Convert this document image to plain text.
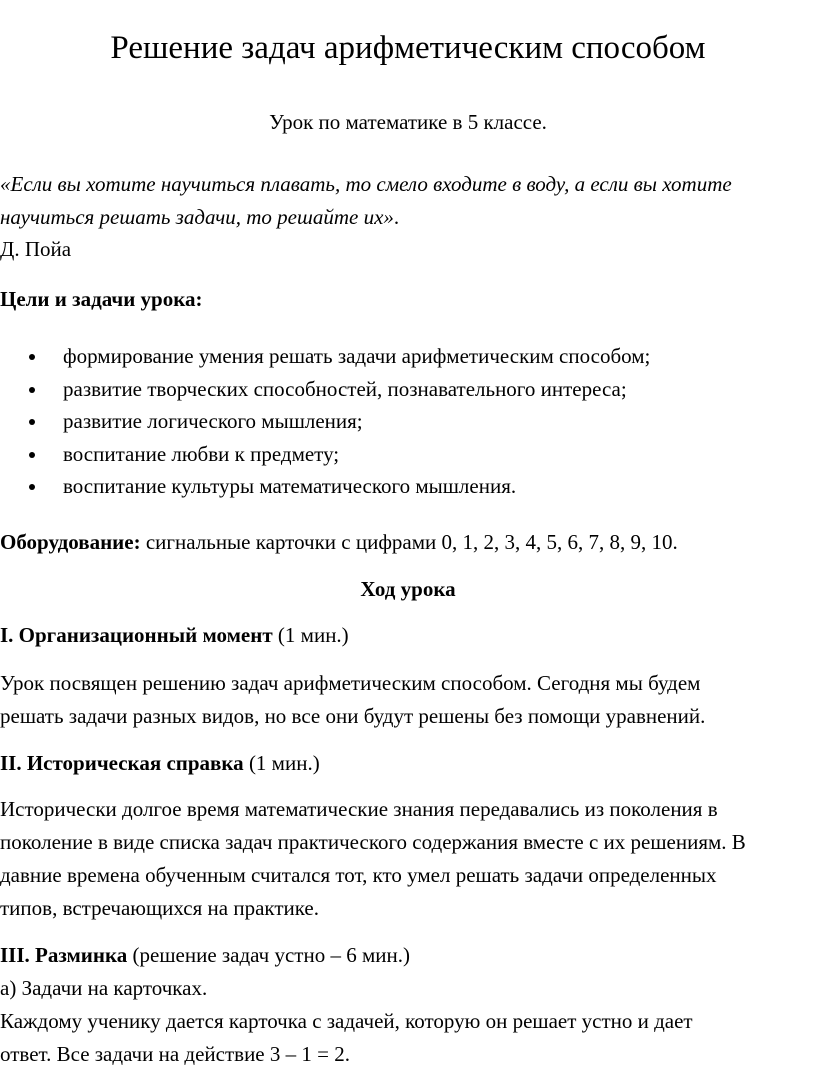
Решение задач арифметическим способом
Урок по математике в 5 классе.
«Если вы хотите научиться плавать, то смело входите в воду, а если вы хотите
научиться решать задачи, то решайте их».
Д. Пойа
Цели и задачи урока:
формирование умения решать задачи арифметическим способом;
развитие творческих способностей, познавательного интереса;
развитие логического мышления;
воспитание любви к предмету;
воспитание культуры математического мышления.
Оборудование: сигнальные карточки с цифрами 0, 1, 2, 3, 4, 5, 6, 7, 8, 9, 10.
Ход урока
I. Организационный момент (1 мин.)
Урок посвящен решению задач арифметическим способом. Сегодня мы будем
решать задачи разных видов, но все они будут решены без помощи уравнений.
II. Историческая справка (1 мин.)
Исторически долгое время математические знания передавались из поколения в
поколение в виде списка задач практического содержания вместе с их решениям. В
давние времена обученным считался тот, кто умел решать задачи определенных
типов, встречающихся на практике.
III. Разминка (решение задач устно – 6 мин.)
а) Задачи на карточках.
Каждому ученику дается карточка с задачей, которую он решает устно и дает
ответ. Все задачи на действие 3 – 1 = 2.
